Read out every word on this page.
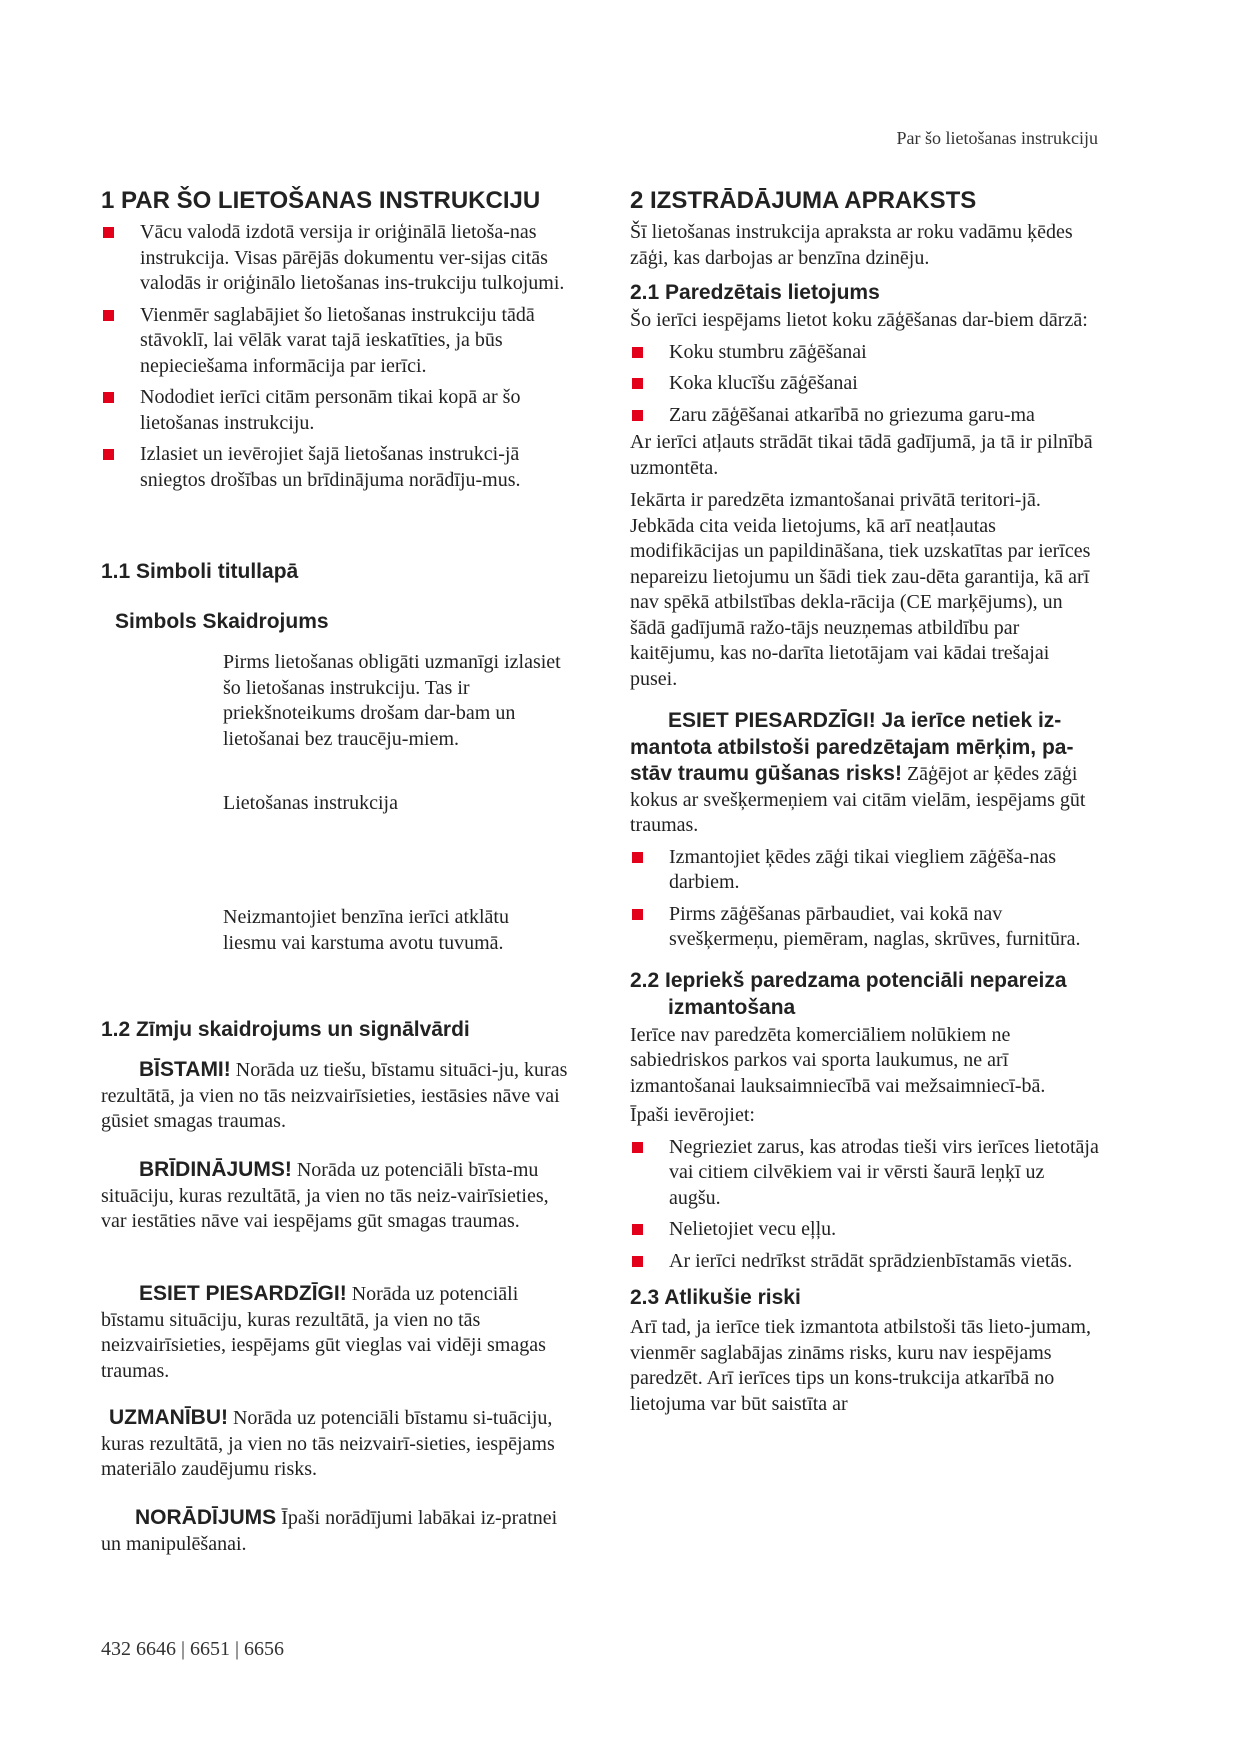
Par šo lietošanas instrukciju
1 PAR ŠO LIETOŠANAS INSTRUKCIJU
Vācu valodā izdotā versija ir oriģinālā lietoša-nas instrukcija. Visas pārējās dokumentu ver-sijas citās valodās ir oriģinālo lietošanas ins-trukciju tulkojumi.
Vienmēr saglabājiet šo lietošanas instrukciju tādā stāvoklī, lai vēlāk varat tajā ieskatīties, ja būs nepieciešama informācija par ierīci.
Nododiet ierīci citām personām tikai kopā ar šo lietošanas instrukciju.
Izlasiet un ievērojiet šajā lietošanas instrukci-jā sniegtos drošības un brīdinājuma norādīju-mus.
1.1 Simboli titullapā
Simbols Skaidrojums

Pirms lietošanas obligāti uzmanīgi izlasiet šo lietošanas instrukciju. Tas ir priekšnoteikums drošam dar-bam un lietošanai bez traucēju-miem.

Lietošanas instrukcija

Neizmantojiet benzīna ierīci atklātu liesmu vai karstuma avotu tuvumā.

1.2 Zīmju skaidrojums un signālvārdi

BĪSTAMI! Norāda uz tiešu, bīstamu situāci-ju, kuras rezultātā, ja vien no tās neizvairīsieties, iestāsies nāve vai gūsiet smagas traumas.

BRĪDINĀJUMS! Norāda uz potenciāli bīsta-mu situāciju, kuras rezultātā, ja vien no tās neiz-vairīsieties, var iestāties nāve vai iespējams gūt smagas traumas.

ESIET PIESARDZĪGI! Norāda uz potenciāli bīstamu situāciju, kuras rezultātā, ja vien no tās neizvairīsieties, iespējams gūt vieglas vai vidēji smagas traumas.

UZMANĪBU! Norāda uz potenciāli bīstamu si-tuāciju, kuras rezultātā, ja vien no tās neizvairī-sieties, iespējams materiālo zaudējumu risks.

NORĀDĪJUMS Īpaši norādījumi labākai iz-pratnei un manipulēšanai.

2 IZSTRĀDĀJUMA APRAKSTS

Šī lietošanas instrukcija apraksta ar roku vadāmu ķēdes zāģi, kas darbojas ar benzīna dzinēju.

2.1 Paredzētais lietojums

Šo ierīci iespējams lietot koku zāģēšanas dar-biem dārzā:

Koku stumbru zāģēšanai
Koka klucīšu zāģēšanai
Zaru zāģēšanai atkarībā no griezuma garu-ma

Ar ierīci atļauts strādāt tikai tādā gadījumā, ja tā ir pilnībā uzmontēta.

Iekārta ir paredzēta izmantošanai privātā teritori-jā. Jebkāda cita veida lietojums, kā arī neatļautas modifikācijas un papildināšana, tiek uzskatītas par ierīces nepareizu lietojumu un šādi tiek zau-dēta garantija, kā arī nav spēkā atbilstības dekla-rācija (CE marķējums), un šādā gadījumā ražo-tājs neuzņemas atbildību par kaitējumu, kas no-darīta lietotājam vai kādai trešajai pusei.

ESIET PIESARDZĪGI! Ja ierīce netiek iz-mantota atbilstoši paredzētajam mērķim, pa-stāv traumu gūšanas risks! Zāģējot ar ķēdes zāģi kokus ar svešķermeņiem vai citām vielām, iespējams gūt traumas.

Izmantojiet ķēdes zāģi tikai viegliem zāģēša-nas darbiem.
Pirms zāģēšanas pārbaudiet, vai kokā nav svešķermeņu, piemēram, naglas, skrūves, furnitūra.
2.2 Iepriekš paredzama potenciāli nepareiza
izmantošana

Ierīce nav paredzēta komerciāliem nolūkiem ne sabiedriskos parkos vai sporta laukumus, ne arī izmantošanai lauksaimniecībā vai mežsaimniecī-bā.

Īpaši ievērojiet:

Negrieziet zarus, kas atrodas tieši virs ierīces lietotāja vai citiem cilvēkiem vai ir vērsti šaurā leņķī uz augšu.
Nelietojiet vecu eļļu.
Ar ierīci nedrīkst strādāt sprādzienbīstamās vietās.
2.3 Atlikušie riski

Arī tad, ja ierīce tiek izmantota atbilstoši tās lieto-jumam, vienmēr saglabājas zināms risks, kuru nav iespējams paredzēt. Arī ierīces tips un kons-trukcija atkarībā no lietojuma var būt saistīta ar

432 6646 | 6651 | 6656
